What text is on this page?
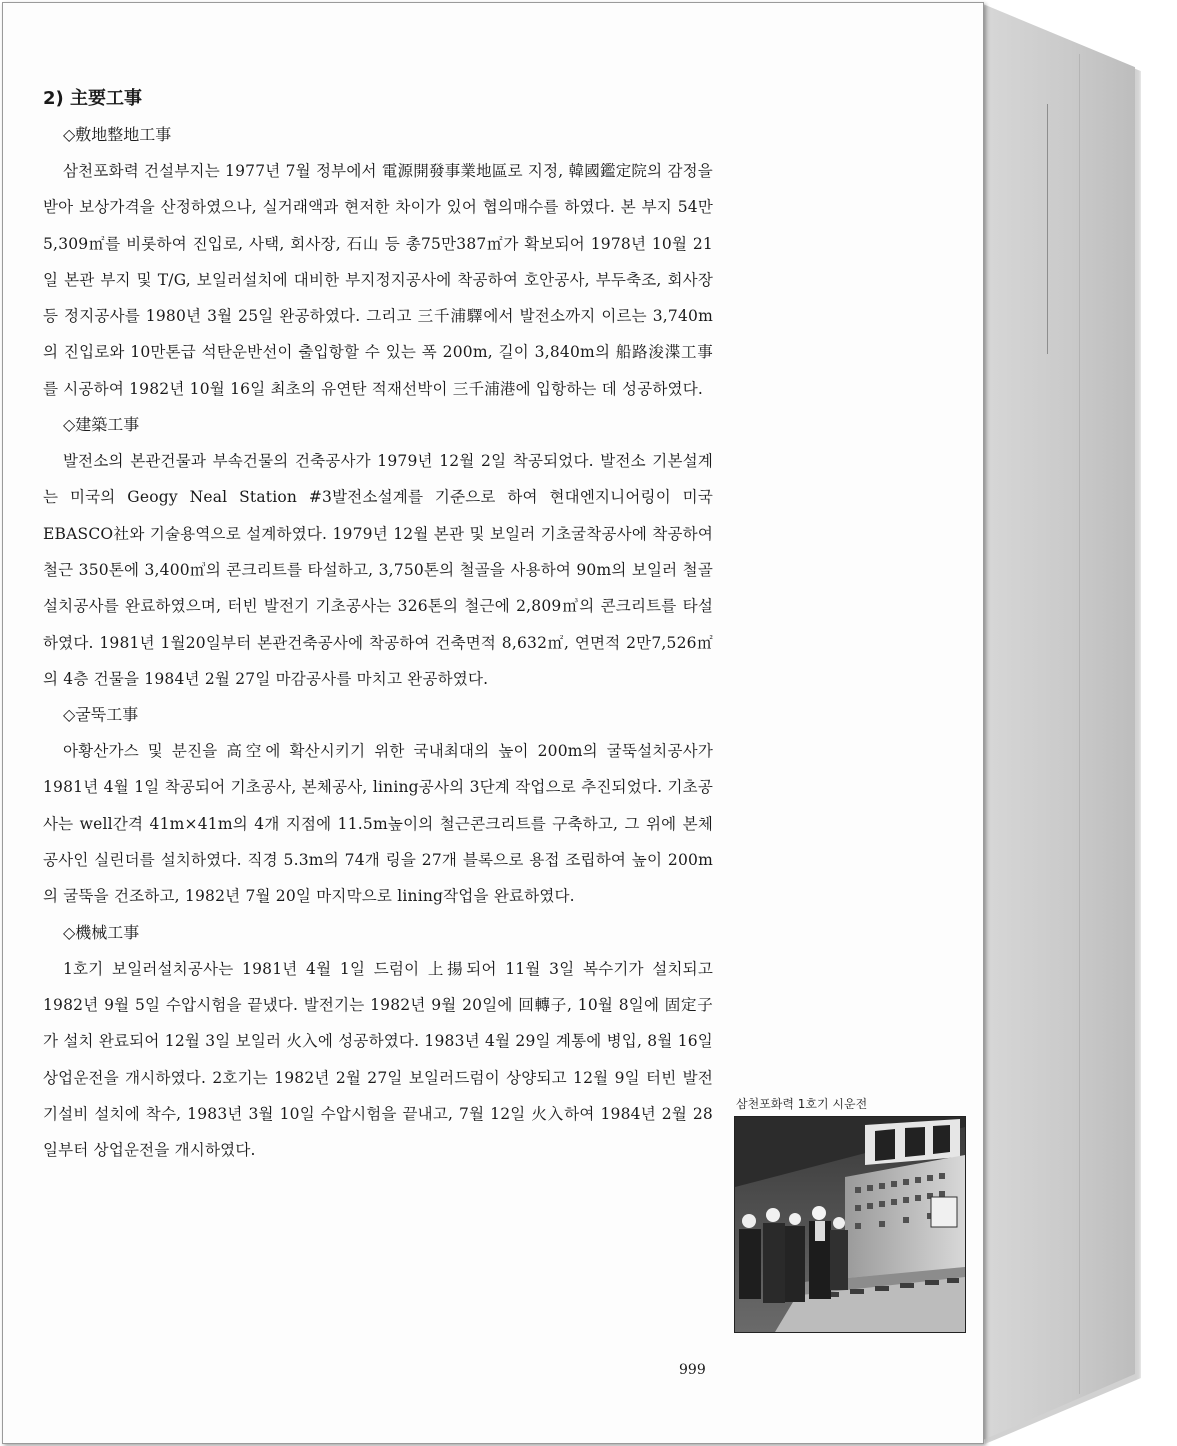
2) 主要工事
◇敷地整地工事

삼천포화력 건설부지는 1977년 7월 정부에서 電源開發事業地區로 지정, 韓國鑑定院의 감정을 받아 보상가격을 산정하였으나, 실거래액과 현저한 차이가 있어 협의매수를 하였다. 본 부지 54만5,309㎡를 비롯하여 진입로, 사택, 회사장, 石山 등 총75만387㎡가 확보되어 1978년 10월 21일 본관 부지 및 T/G, 보일러설치에 대비한 부지정지공사에 착공하여 호안공사, 부두축조, 회사장 등 정지공사를 1980년 3월 25일 완공하였다. 그리고 三千浦驛에서 발전소까지 이르는 3,740m의 진입로와 10만톤급 석탄운반선이 출입항할 수 있는 폭 200m, 길이 3,840m의 船路浚渫工事를 시공하여 1982년 10월 16일 최초의 유연탄 적재선박이 三千浦港에 입항하는 데 성공하였다.

◇建築工事

발전소의 본관건물과 부속건물의 건축공사가 1979년 12월 2일 착공되었다. 발전소 기본설계는 미국의 Geogy Neal Station #3발전소설계를 기준으로 하여 현대엔지니어링이 미국 EBASCO社와 기술용역으로 설계하였다. 1979년 12월 본관 및 보일러 기초굴착공사에 착공하여 철근 350톤에 3,400㎥의 콘크리트를 타설하고, 3,750톤의 철골을 사용하여 90m의 보일러 철골설치공사를 완료하였으며, 터빈 발전기 기초공사는 326톤의 철근에 2,809㎥의 콘크리트를 타설하였다. 1981년 1월20일부터 본관건축공사에 착공하여 건축면적 8,632㎡, 연면적 2만7,526㎡의 4층 건물을 1984년 2월 27일 마감공사를 마치고 완공하였다.

◇굴뚝工事

아황산가스 및 분진을 高空에 확산시키기 위한 국내최대의 높이 200m의 굴뚝설치공사가 1981년 4월 1일 착공되어 기초공사, 본체공사, lining공사의 3단계 작업으로 추진되었다. 기초공사는 well간격 41m×41m의 4개 지점에 11.5m높이의 철근콘크리트를 구축하고, 그 위에 본체공사인 실린더를 설치하였다. 직경 5.3m의 74개 링을 27개 블록으로 용접 조립하여 높이 200m의 굴뚝을 건조하고, 1982년 7월 20일 마지막으로 lining작업을 완료하였다.

◇機械工事

1호기 보일러설치공사는 1981년 4월 1일 드럼이 上揚되어 11월 3일 복수기가 설치되고 1982년 9월 5일 수압시험을 끝냈다. 발전기는 1982년 9월 20일에 回轉子, 10월 8일에 固定子가 설치 완료되어 12월 3일 보일러 火入에 성공하였다. 1983년 4월 29일 계통에 병입, 8월 16일 상업운전을 개시하였다. 2호기는 1982년 2월 27일 보일러드럼이 상양되고 12월 9일 터빈 발전기설비 설치에 착수, 1983년 3월 10일 수압시험을 끝내고, 7월 12일 火入하여 1984년 2월 28일부터 상업운전을 개시하였다.

삼천포화력 1호기 시운전
999
